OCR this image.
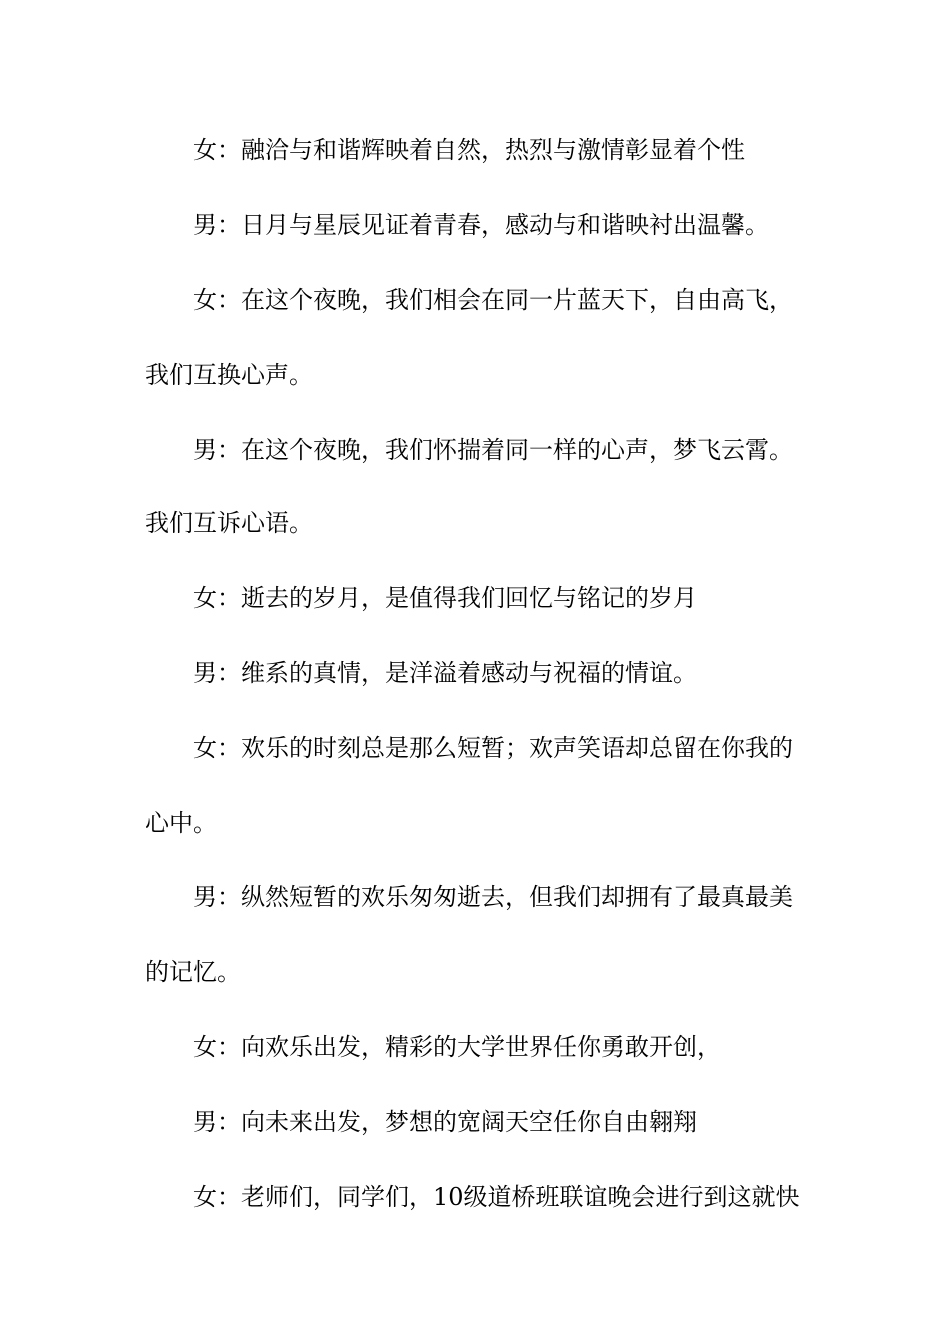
女：融洽与和谐辉映着自然，热烈与激情彰显着个性
男：日月与星辰见证着青春，感动与和谐映衬出温馨。
女：在这个夜晚，我们相会在同一片蓝天下，自由高飞，
我们互换心声。
男：在这个夜晚，我们怀揣着同一样的心声，梦飞云霄。
我们互诉心语。
女：逝去的岁月，是值得我们回忆与铭记的岁月
男：维系的真情，是洋溢着感动与祝福的情谊。
女：欢乐的时刻总是那么短暂；欢声笑语却总留在你我的
心中。
男：纵然短暂的欢乐匆匆逝去，但我们却拥有了最真最美
的记忆。
女：向欢乐出发，精彩的大学世界任你勇敢开创，
男：向未来出发，梦想的宽阔天空任你自由翱翔
女：老师们，同学们，10级道桥班联谊晚会进行到这就快
